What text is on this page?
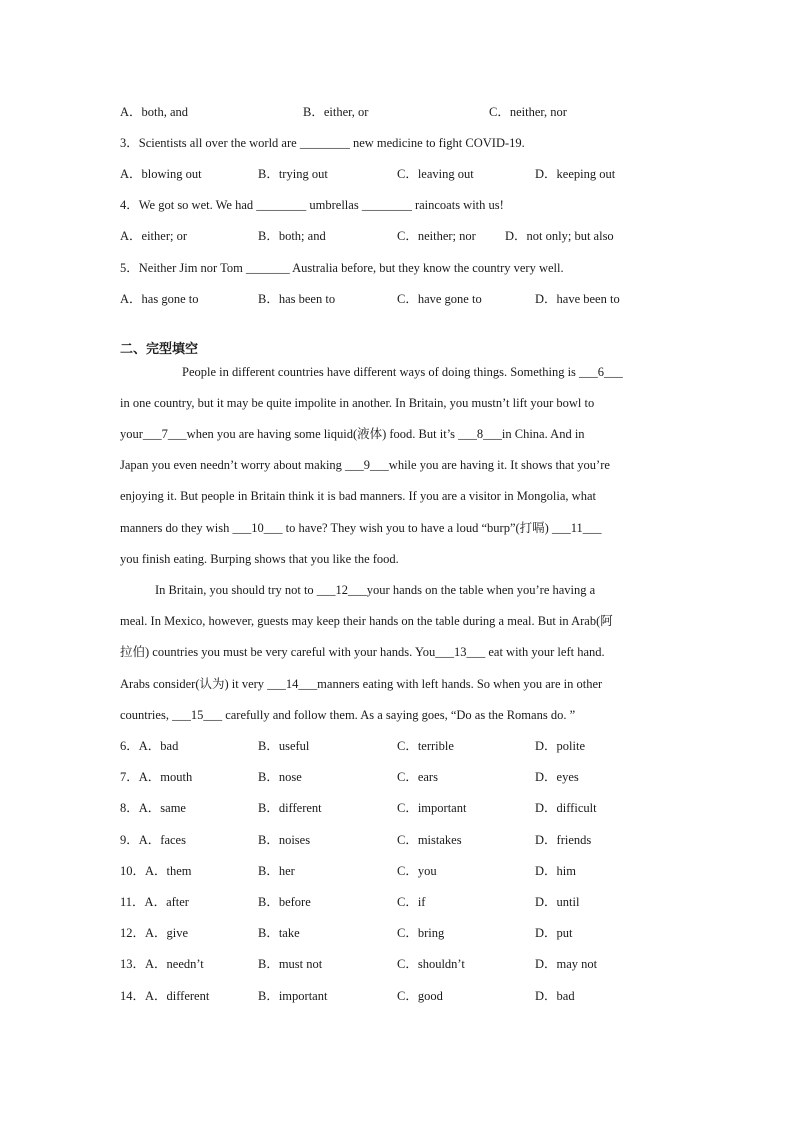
A．both, and	B．either, or	C．neither, nor
3．Scientists all over the world are ________ new medicine to fight COVID-19.
A．blowing out	B．trying out	C．leaving out	D．keeping out
4．We got so wet. We had ________ umbrellas ________ raincoats with us!
A．either; or	B．both; and	C．neither; nor D．not only; but also
5．Neither Jim nor Tom _______ Australia before, but they know the country very well.
A．has gone to	B．has been to	C．have gone to	D．have been to
二、完型填空
People in different countries have different ways of doing things. Something is ___6___
in one country, but it may be quite impolite in another. In Britain, you mustn’t lift your bowl to
your___7___when you are having some liquid(液体) food. But it’s ___8___in China. And in
Japan you even needn’t worry about making ___9___while you are having it. It shows that you’re
enjoying it. But people in Britain think it is bad manners. If you are a visitor in Mongolia, what
manners do they wish ___10___ to have? They wish you to have a loud “burp”(打嗝) ___11___
you finish eating. Burping shows that you like the food.
In Britain, you should try not to ___12___your hands on the table when you’re having a
meal. In Mexico, however, guests may keep their hands on the table during a meal. But in Arab(阿
拉伯) countries you must be very careful with your hands. You___13___ eat with your left hand.
Arabs consider(认为) it very ___14___manners eating with left hands. So when you are in other
countries, ___15___ carefully and follow them. As a saying goes, “Do as the Romans do. ”
6．A．bad	B．useful	C．terrible	D．polite
7．A．mouth	B．nose	C．ears	D．eyes
8．A．same	B．different	C．important	D．difficult
9．A．faces	B．noises	C．mistakes	D．friends
10．A．them	B．her	C．you	D．him
11．A．after	B．before	C．if	D．until
12．A．give	B．take	C．bring	D．put
13．A．needn’t	B．must not	C．shouldn’t	D．may not
14．A．different	B．important	C．good	D．bad
